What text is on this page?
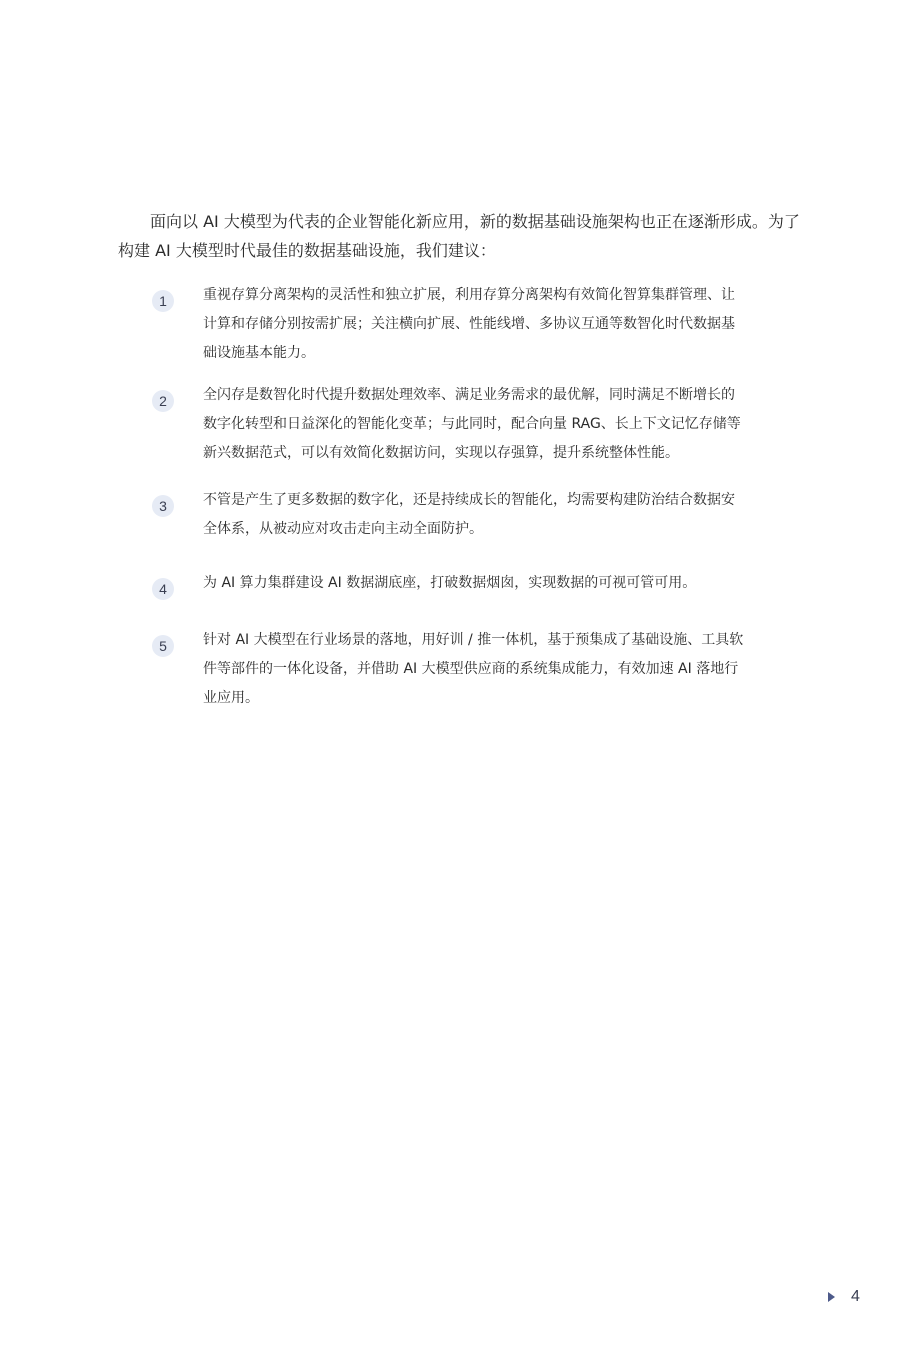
面向以 AI 大模型为代表的企业智能化新应用，新的数据基础设施架构也正在逐渐形成。为了
构建 AI 大模型时代最佳的数据基础设施，我们建议：

1	重视存算分离架构的灵活性和独立扩展，利用存算分离架构有效简化智算集群管理、让
计算和存储分别按需扩展；关注横向扩展、性能线增、多协议互通等数智化时代数据基
础设施基本能力。

2	全闪存是数智化时代提升数据处理效率、满足业务需求的最优解，同时满足不断增长的
数字化转型和日益深化的智能化变革；与此同时，配合向量 RAG、长上下文记忆存储等
新兴数据范式，可以有效简化数据访问，实现以存强算，提升系统整体性能。

3	不管是产生了更多数据的数字化，还是持续成长的智能化，均需要构建防治结合数据安
全体系，从被动应对攻击走向主动全面防护。

4	为 AI 算力集群建设 AI 数据湖底座，打破数据烟囱，实现数据的可视可管可用。

5	针对 AI 大模型在行业场景的落地，用好训 / 推一体机，基于预集成了基础设施、工具软
件等部件的一体化设备，并借助 AI 大模型供应商的系统集成能力，有效加速 AI 落地行
业应用。

4
